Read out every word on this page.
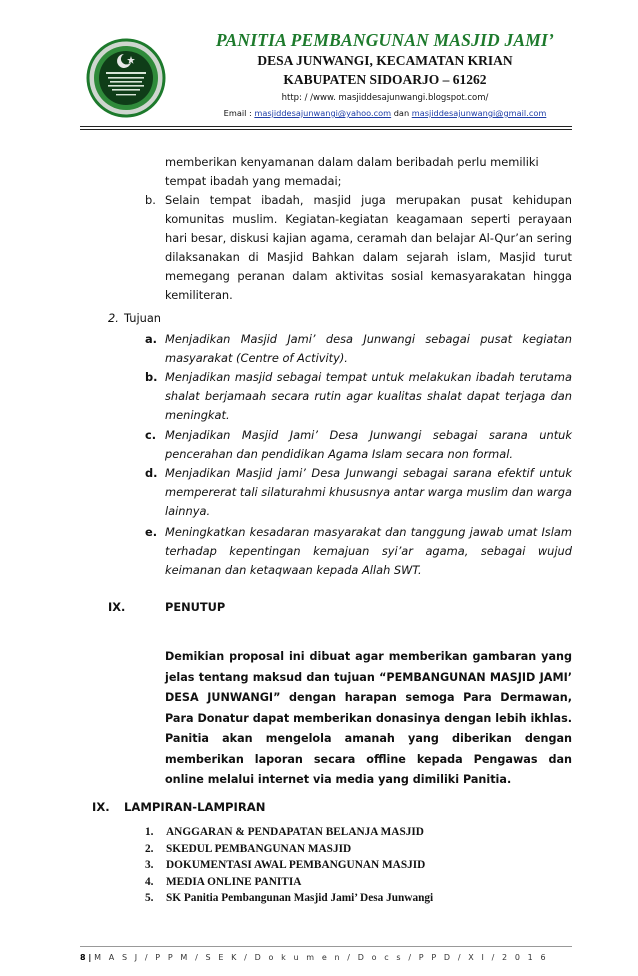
PANITIA PEMBANGUNAN MASJID JAMI’
DESA JUNWANGI, KECAMATAN KRIAN
KABUPATEN SIDOARJO – 61262
http: / /www. masjiddesajunwangi.blogspot.com/
Email : masjiddesajunwangi@yahoo.com dan masjiddesajunwangi@gmail.com
memberikan kenyamanan dalam dalam beribadah perlu memiliki
tempat ibadah yang memadai;
b. Selain tempat ibadah, masjid juga merupakan pusat kehidupan komunitas muslim. Kegiatan-kegiatan keagamaan seperti perayaan hari besar, diskusi kajian agama, ceramah dan belajar Al-Qur’an sering dilaksanakan di Masjid Bahkan dalam sejarah islam, Masjid turut memegang peranan dalam aktivitas sosial kemasyarakatan hingga kemiliteran.
2. Tujuan
a. Menjadikan Masjid Jami’ desa Junwangi sebagai pusat kegiatan masyarakat (Centre of Activity).
b. Menjadikan masjid sebagai tempat untuk melakukan ibadah terutama shalat berjamaah secara rutin agar kualitas shalat dapat terjaga dan meningkat.
c. Menjadikan Masjid Jami’ Desa Junwangi sebagai sarana untuk pencerahan dan pendidikan Agama Islam secara non formal.
d. Menjadikan Masjid jami’ Desa Junwangi sebagai sarana efektif untuk mempererat tali silaturahmi khususnya antar warga muslim dan warga lainnya.
e. Meningkatkan kesadaran masyarakat dan tanggung jawab umat Islam terhadap kepentingan kemajuan syi’ar agama, sebagai wujud keimanan dan ketaqwaan kepada Allah SWT.
IX.	PENUTUP
Demikian proposal ini dibuat agar memberikan gambaran yang jelas tentang maksud dan tujuan “PEMBANGUNAN MASJID JAMI’ DESA JUNWANGI” dengan harapan semoga Para Dermawan, Para Donatur dapat memberikan donasinya dengan lebih ikhlas. Panitia akan mengelola amanah yang diberikan dengan memberikan laporan secara offline kepada Pengawas dan online melalui internet via media yang dimiliki Panitia.
IX. LAMPIRAN-LAMPIRAN
1. ANGGARAN & PENDAPATAN BELANJA MASJID
2. SKEDUL PEMBANGUNAN MASJID
3. DOKUMENTASI AWAL PEMBANGUNAN MASJID
4. MEDIA ONLINE PANITIA
5. SK Panitia Pembangunan Masjid Jami’ Desa Junwangi
8 | M A S J / P P M / S E K / D o k u m e n / D o c s / P P D / X I / 2 0 1 6
